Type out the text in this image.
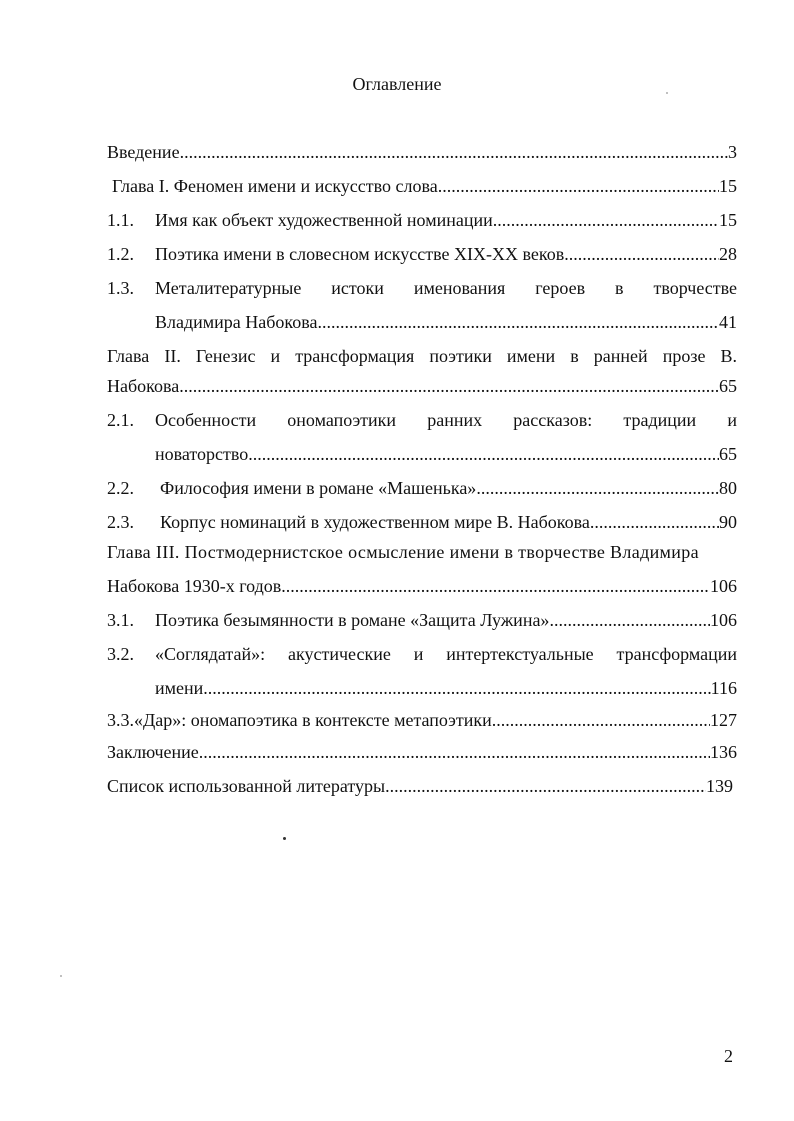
Оглавление
Введение .....	3
Глава I. Феномен имени и искусство слова .....	15
1.1. Имя как объект художественной номинации .....	15
1.2. Поэтика имени в словесном искусстве XIX-XX веков .....	28
1.3. Металитературные истоки именования героев в творчестве
Владимира Набокова .....	41
Глава II. Генезис и трансформация поэтики имени в ранней прозе В.
Набокова .....	65
2.1. Особенности ономапоэтики ранних рассказов: традиции и
новаторство .....	65
2.2. Философия имени в романе «Машенька» .....	80
2.3. Корпус номинаций в художественном мире В. Набокова .....	90
Глава III. Постмодернистское осмысление имени в творчестве Владимира
Набокова 1930-х годов .....	106
3.1. Поэтика безымянности в романе «Защита Лужина» .....	106
3.2. «Соглядатай»: акустические и интертекстуальные трансформации
имени .....	116
3.3.«Дар»: ономапоэтика в контексте метапоэтики .....	127
Заключение .....	136
Список использованной литературы .....	139
2
